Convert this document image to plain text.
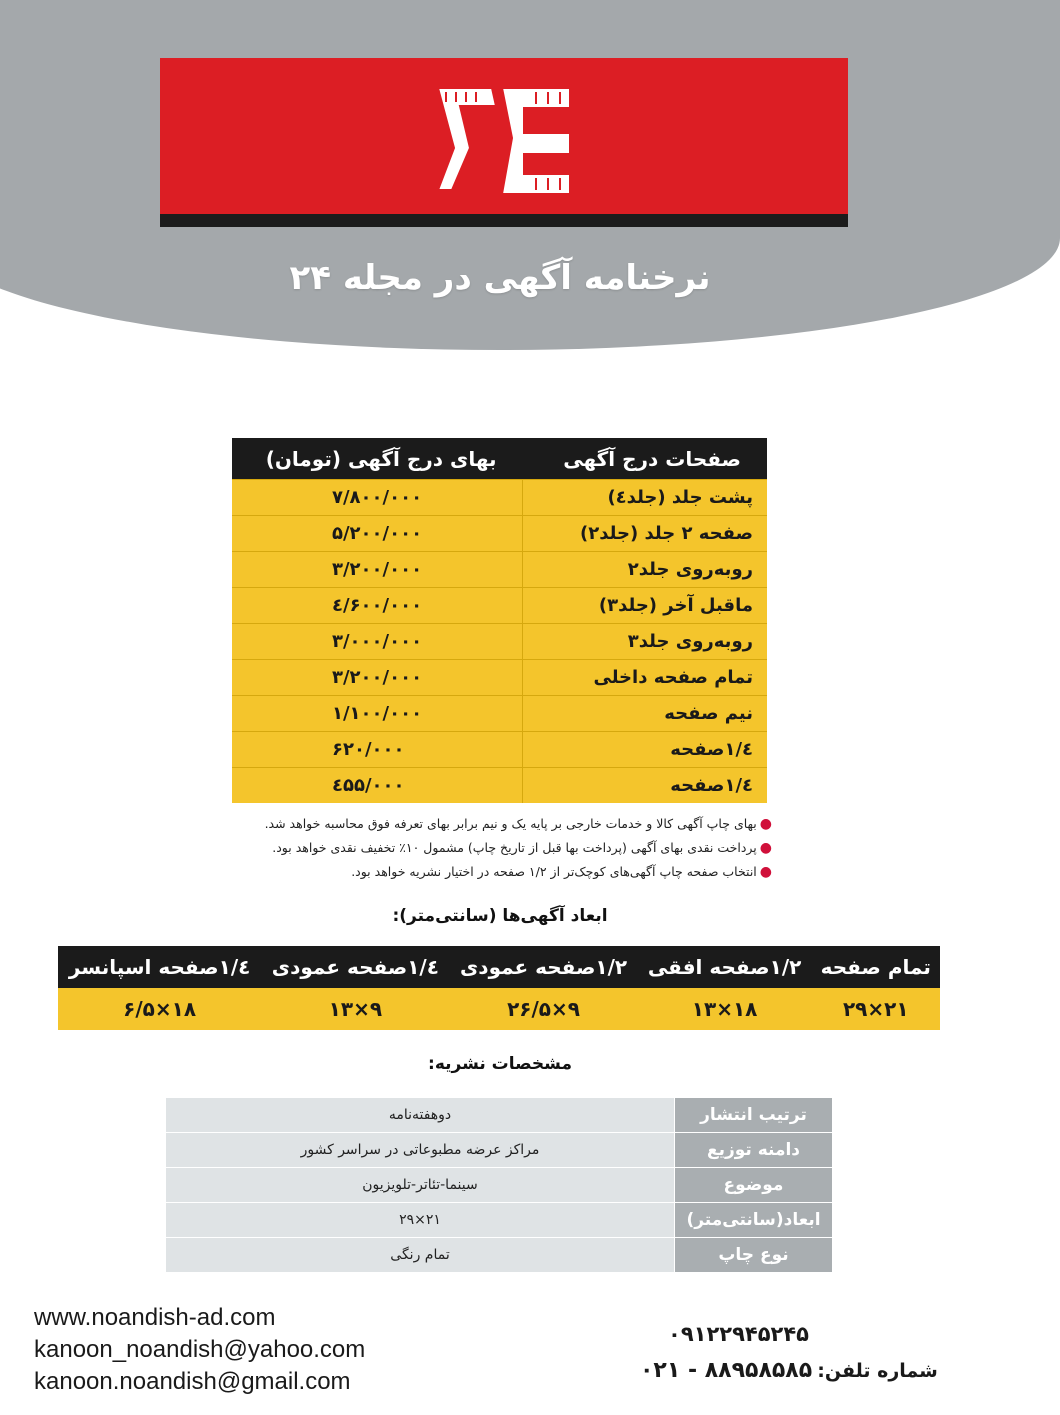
نرخنامه آگهی در مجله ۲۴
صفحات درج آگهی	بهای درج آگهی (تومان)
پشت جلد (جلد٤)	۷/۸۰۰/۰۰۰
صفحه ۲ جلد (جلد۲)	۵/۲۰۰/۰۰۰
روبه‌روی جلد۲	۳/۲۰۰/۰۰۰
ماقبل آخر (جلد۳)	٤/۶۰۰/۰۰۰
روبه‌روی جلد۳	۳/۰۰۰/۰۰۰
تمام صفحه داخلی	۳/۲۰۰/۰۰۰
نیم صفحه	۱/۱۰۰/۰۰۰
١/٤صفحه	۶۲۰/۰۰۰
١/٤صفحه	٤۵۵/۰۰۰
●بهای چاپ آگهی کالا و خدمات خارجی بر پایه یک و نیم برابر بهای تعرفه فوق محاسبه خواهد شد.
●پرداخت نقدی بهای آگهی (پرداخت بها قبل از تاریخ چاپ) مشمول ۱۰٪ تخفیف نقدی خواهد بود.
●انتخاب صفحه چاپ آگهی‌های کوچک‌تر از ۱/۲ صفحه در اختیار نشریه خواهد بود.
ابعاد آگهی‌ها (سانتی‌متر):
تمام صفحه	١/٢صفحه افقی	١/٢صفحه عمودی	١/٤صفحه عمودی	١/٤صفحه اسپانسر
۲۱×۲۹	۱۸×۱۳	۹×۲۶/۵	۹×۱۳	۱۸×۶/۵
مشخصات نشریه:
ترتیب انتشار	دوهفته‌نامه
دامنه توزیع	مراکز عرضه مطبوعاتی در سراسر کشور
موضوع	سینما-تئاتر-تلویزیون
ابعاد(سانتی‌متر)	۲۱×۲۹
نوع چاپ	تمام رنگی
www.noandish-ad.com
kanoon_noandish@yahoo.com
kanoon.noandish@gmail.com
۰۹۱۲۲۹۴۵۲۴۵
شماره تلفن: ۰۲۱ - ۸۸۹۵۸۵۸۵
